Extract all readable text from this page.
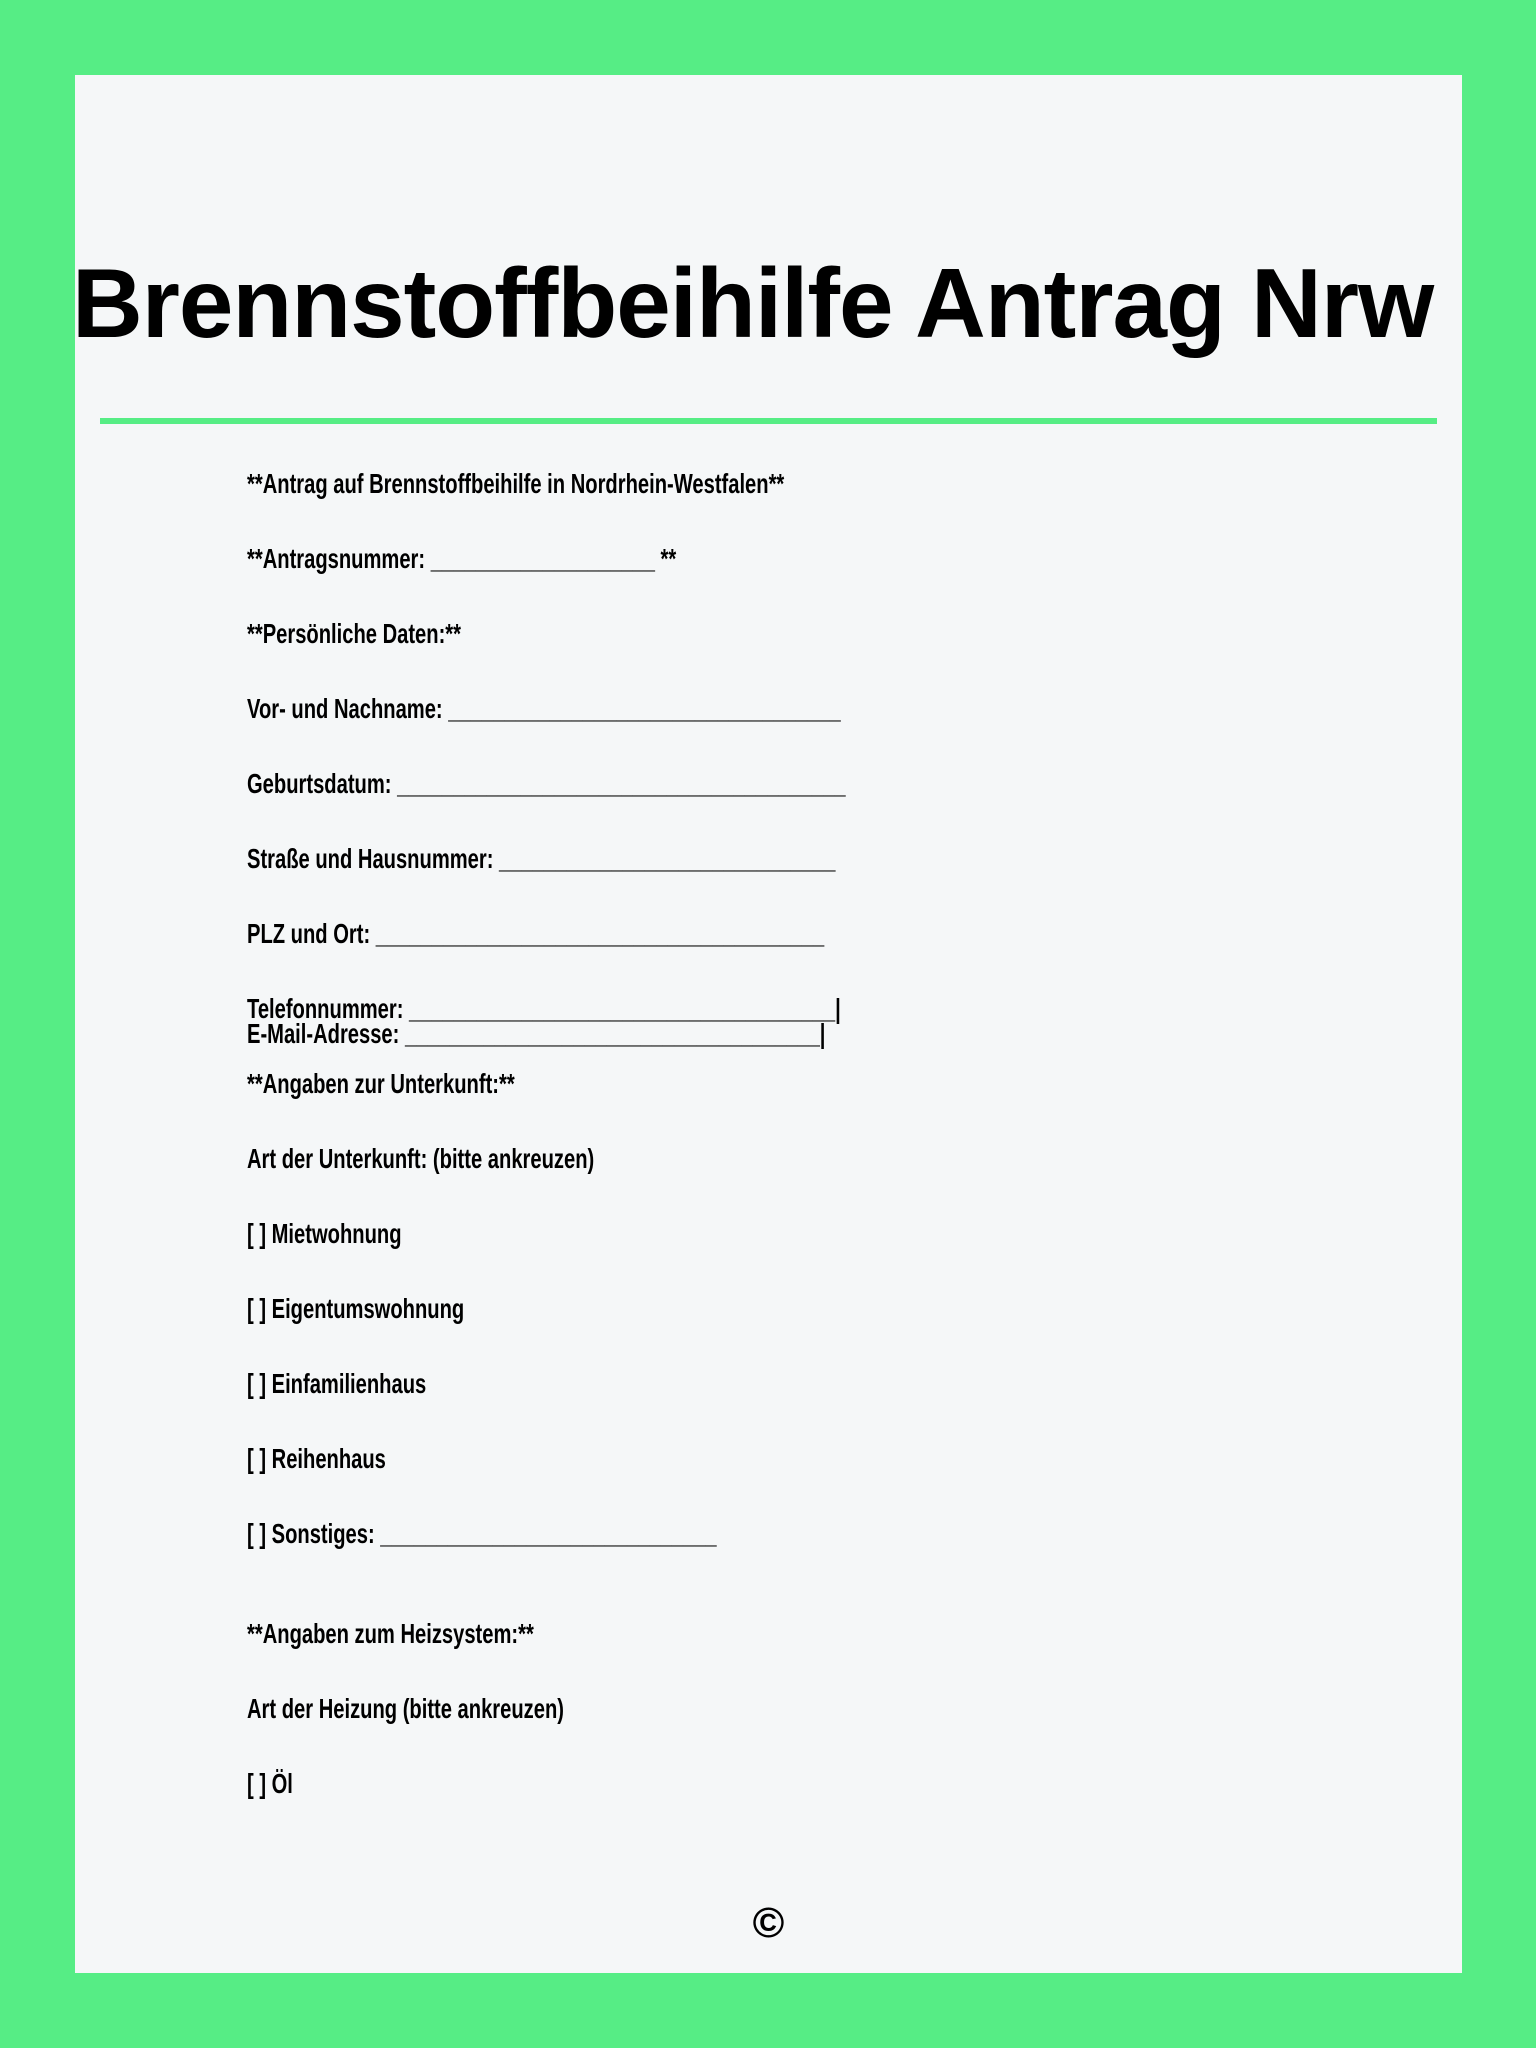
Brennstoffbeihilfe Antrag Nrw
**Antrag auf Brennstoffbeihilfe in Nordrhein-Westfalen**
**Antragsnummer: ____________________ **
**Persönliche Daten:**
Vor- und Nachname: ___________________________________
Geburtsdatum: ________________________________________
Straße und Hausnummer: ______________________________
PLZ und Ort: ________________________________________
Telefonnummer: ______________________________________|
E-Mail-Adresse: _____________________________________|
**Angaben zur Unterkunft:**
Art der Unterkunft: (bitte ankreuzen)
[ ] Mietwohnung
[ ] Eigentumswohnung
[ ] Einfamilienhaus
[ ] Reihenhaus
[ ] Sonstiges: ______________________________
**Angaben zum Heizsystem:**
Art der Heizung (bitte ankreuzen)
[ ] Öl
©
